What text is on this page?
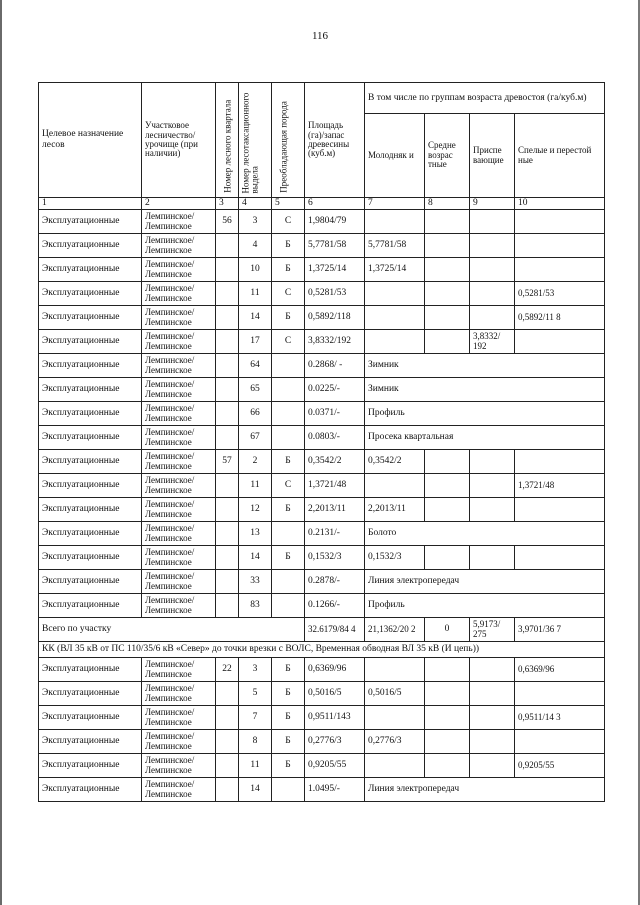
116
Целевое назначение лесов	Участковое лесничество/ урочище (при наличии)	Номер лесного квартала	Номер лесотаксационного выдела	Преобладающая порода	Площадь (га)/запас древесины (куб.м)	В том числе по группам возраста древостоя (га/куб.м)			
						Молодняк и	Средне возрас тные	Приспе вающие	Спелые и перестой ные
1	2	3	4	5	6	7	8	9	10
Эксплуатационные	Лемпинское/ Лемпинское	56	3	С	1,9804/79				
Эксплуатационные	Лемпинское/ Лемпинское		4	Б	5,7781/58	5,7781/58			
Эксплуатационные	Лемпинское/ Лемпинское		10	Б	1,3725/14	1,3725/14			
Эксплуатационные	Лемпинское/ Лемпинское		11	С	0,5281/53				0,5281/53
Эксплуатационные	Лемпинское/ Лемпинское		14	Б	0,5892/118				0,5892/11 8
Эксплуатационные	Лемпинское/ Лемпинское		17	С	3,8332/192			3,8332/ 192	
Эксплуатационные	Лемпинское/ Лемпинское		64		0.2868/ -	Зимник			
Эксплуатационные	Лемпинское/ Лемпинское		65		0.0225/-	Зимник			
Эксплуатационные	Лемпинское/ Лемпинское		66		0.0371/-	Профиль			
Эксплуатационные	Лемпинское/ Лемпинское		67		0.0803/-	Просека квартальная			
Эксплуатационные	Лемпинское/ Лемпинское	57	2	Б	0,3542/2	0,3542/2			
Эксплуатационные	Лемпинское/ Лемпинское		11	С	1,3721/48				1,3721/48
Эксплуатационные	Лемпинское/ Лемпинское		12	Б	2,2013/11	2,2013/11			
Эксплуатационные	Лемпинское/ Лемпинское		13		0.2131/-	Болото			
Эксплуатационные	Лемпинское/ Лемпинское		14	Б	0,1532/3	0,1532/3			
Эксплуатационные	Лемпинское/ Лемпинское		33		0.2878/-	Линия электропередач			
Эксплуатационные	Лемпинское/ Лемпинское		83		0.1266/-	Профиль			
Всего по участку					32.6179/84 4	21,1362/20 2	0	5,9173/ 275	3,9701/36 7
КК (ВЛ 35 кВ от ПС 110/35/6 кВ «Север» до точки врезки с ВОЛС, Временная обводная ВЛ 35 кВ (И цепь))									
Эксплуатационные	Лемпинское/ Лемпинское	22	3	Б	0,6369/96				0,6369/96
Эксплуатационные	Лемпинское/ Лемпинское		5	Б	0,5016/5	0,5016/5			
Эксплуатационные	Лемпинское/ Лемпинское		7	Б	0,9511/143				0,9511/14 3
Эксплуатационные	Лемпинское/ Лемпинское		8	Б	0,2776/3	0,2776/3			
Эксплуатационные	Лемпинское/ Лемпинское		11	Б	0,9205/55				0,9205/55
Эксплуатационные	Лемпинское/ Лемпинское		14		1.0495/-	Линия электропередач			
